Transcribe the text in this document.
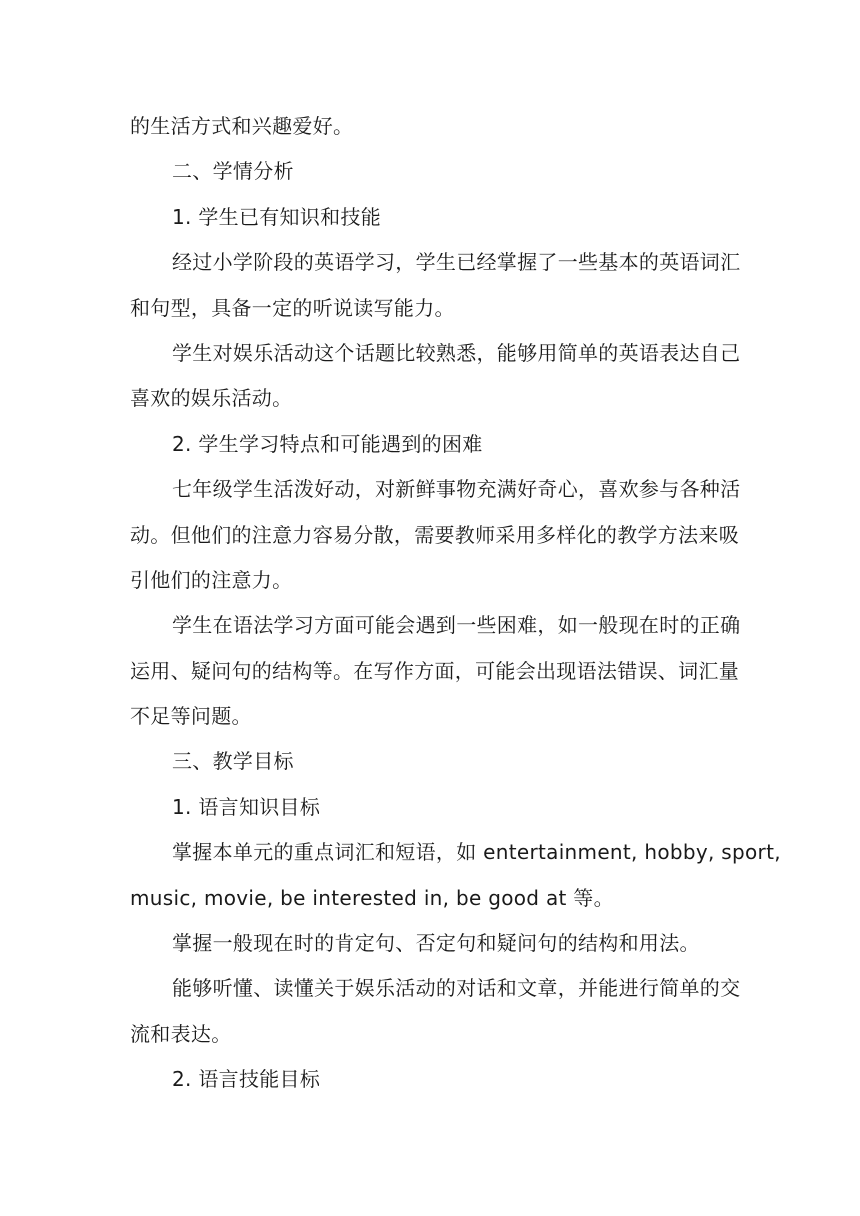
的生活方式和兴趣爱好。
二、学情分析
1. 学生已有知识和技能
经过小学阶段的英语学习，学生已经掌握了一些基本的英语词汇
和句型，具备一定的听说读写能力。
学生对娱乐活动这个话题比较熟悉，能够用简单的英语表达自己
喜欢的娱乐活动。
2. 学生学习特点和可能遇到的困难
七年级学生活泼好动，对新鲜事物充满好奇心，喜欢参与各种活
动。但他们的注意力容易分散，需要教师采用多样化的教学方法来吸
引他们的注意力。
学生在语法学习方面可能会遇到一些困难，如一般现在时的正确
运用、疑问句的结构等。在写作方面，可能会出现语法错误、词汇量
不足等问题。
三、教学目标
1. 语言知识目标
掌握本单元的重点词汇和短语，如 entertainment, hobby, sport,
music, movie, be interested in, be good at 等。
掌握一般现在时的肯定句、否定句和疑问句的结构和用法。
能够听懂、读懂关于娱乐活动的对话和文章，并能进行简单的交
流和表达。
2. 语言技能目标
